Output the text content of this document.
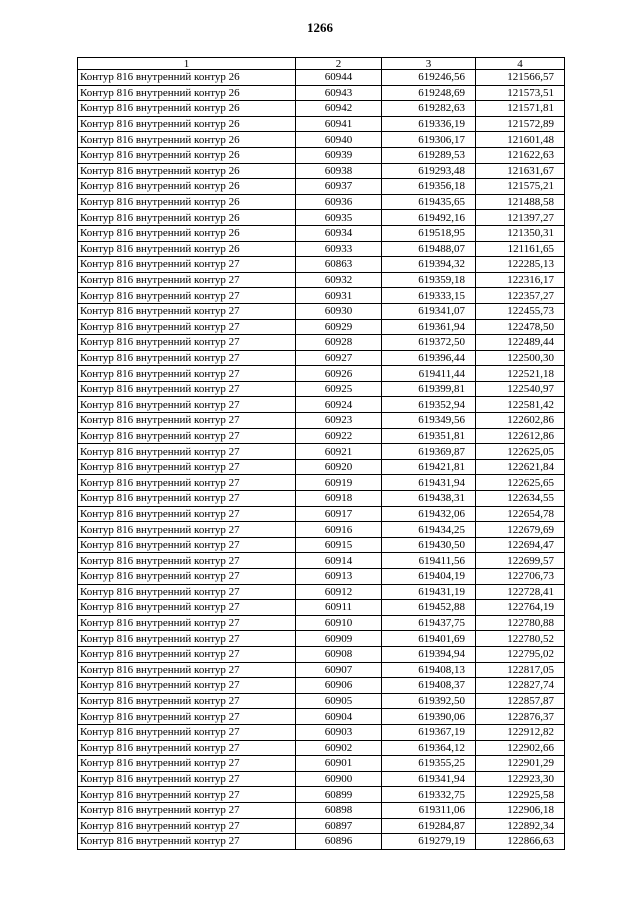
1266
1	2	3	4
Контур 816 внутренний контур 26	60944	619246,56	121566,57
Контур 816 внутренний контур 26	60943	619248,69	121573,51
Контур 816 внутренний контур 26	60942	619282,63	121571,81
Контур 816 внутренний контур 26	60941	619336,19	121572,89
Контур 816 внутренний контур 26	60940	619306,17	121601,48
Контур 816 внутренний контур 26	60939	619289,53	121622,63
Контур 816 внутренний контур 26	60938	619293,48	121631,67
Контур 816 внутренний контур 26	60937	619356,18	121575,21
Контур 816 внутренний контур 26	60936	619435,65	121488,58
Контур 816 внутренний контур 26	60935	619492,16	121397,27
Контур 816 внутренний контур 26	60934	619518,95	121350,31
Контур 816 внутренний контур 26	60933	619488,07	121161,65
Контур 816 внутренний контур 27	60863	619394,32	122285,13
Контур 816 внутренний контур 27	60932	619359,18	122316,17
Контур 816 внутренний контур 27	60931	619333,15	122357,27
Контур 816 внутренний контур 27	60930	619341,07	122455,73
Контур 816 внутренний контур 27	60929	619361,94	122478,50
Контур 816 внутренний контур 27	60928	619372,50	122489,44
Контур 816 внутренний контур 27	60927	619396,44	122500,30
Контур 816 внутренний контур 27	60926	619411,44	122521,18
Контур 816 внутренний контур 27	60925	619399,81	122540,97
Контур 816 внутренний контур 27	60924	619352,94	122581,42
Контур 816 внутренний контур 27	60923	619349,56	122602,86
Контур 816 внутренний контур 27	60922	619351,81	122612,86
Контур 816 внутренний контур 27	60921	619369,87	122625,05
Контур 816 внутренний контур 27	60920	619421,81	122621,84
Контур 816 внутренний контур 27	60919	619431,94	122625,65
Контур 816 внутренний контур 27	60918	619438,31	122634,55
Контур 816 внутренний контур 27	60917	619432,06	122654,78
Контур 816 внутренний контур 27	60916	619434,25	122679,69
Контур 816 внутренний контур 27	60915	619430,50	122694,47
Контур 816 внутренний контур 27	60914	619411,56	122699,57
Контур 816 внутренний контур 27	60913	619404,19	122706,73
Контур 816 внутренний контур 27	60912	619431,19	122728,41
Контур 816 внутренний контур 27	60911	619452,88	122764,19
Контур 816 внутренний контур 27	60910	619437,75	122780,88
Контур 816 внутренний контур 27	60909	619401,69	122780,52
Контур 816 внутренний контур 27	60908	619394,94	122795,02
Контур 816 внутренний контур 27	60907	619408,13	122817,05
Контур 816 внутренний контур 27	60906	619408,37	122827,74
Контур 816 внутренний контур 27	60905	619392,50	122857,87
Контур 816 внутренний контур 27	60904	619390,06	122876,37
Контур 816 внутренний контур 27	60903	619367,19	122912,82
Контур 816 внутренний контур 27	60902	619364,12	122902,66
Контур 816 внутренний контур 27	60901	619355,25	122901,29
Контур 816 внутренний контур 27	60900	619341,94	122923,30
Контур 816 внутренний контур 27	60899	619332,75	122925,58
Контур 816 внутренний контур 27	60898	619311,06	122906,18
Контур 816 внутренний контур 27	60897	619284,87	122892,34
Контур 816 внутренний контур 27	60896	619279,19	122866,63
